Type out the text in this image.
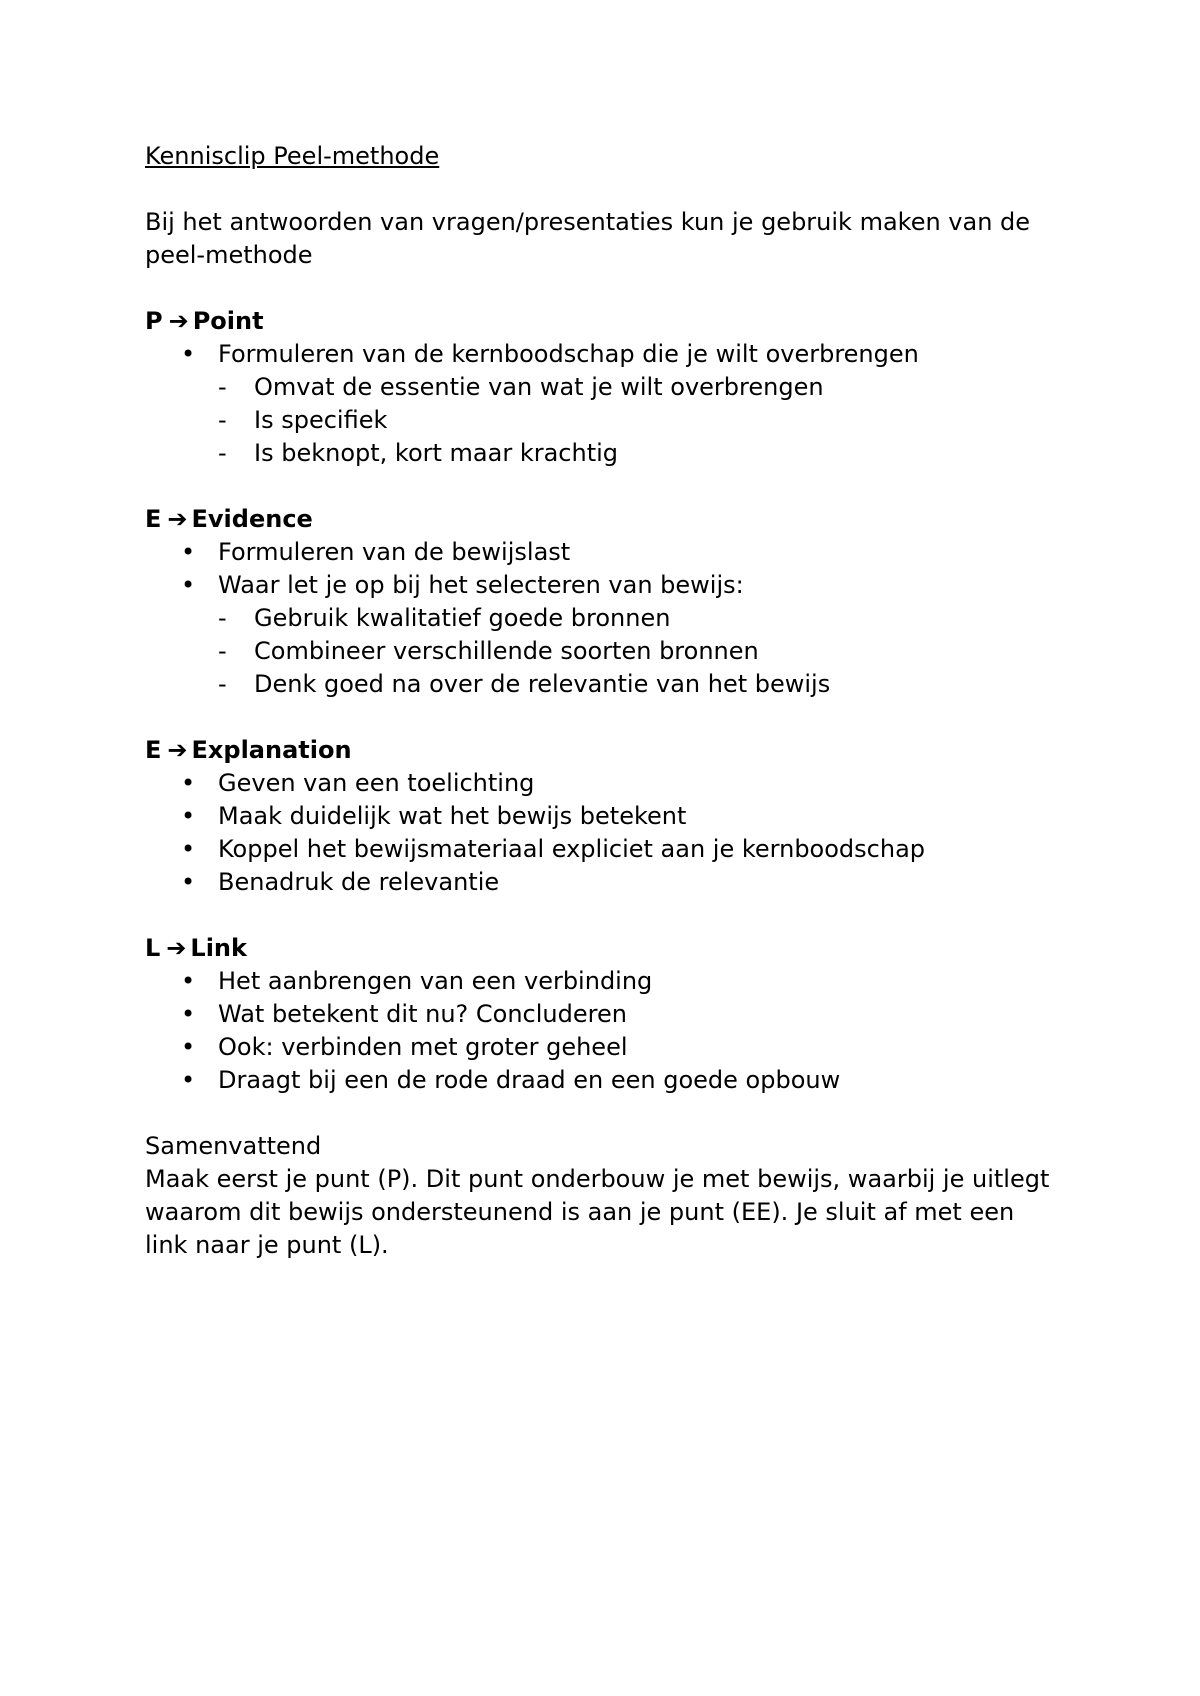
Kennisclip Peel-methode

Bij het antwoorden van vragen/presentaties kun je gebruik maken van de

peel-methode

P ➔ Point

• Formuleren van de kernboodschap die je wilt overbrengen

- Omvat de essentie van wat je wilt overbrengen

- Is specifiek

- Is beknopt, kort maar krachtig

E ➔ Evidence

• Formuleren van de bewijslast

• Waar let je op bij het selecteren van bewijs:

- Gebruik kwalitatief goede bronnen

- Combineer verschillende soorten bronnen

- Denk goed na over de relevantie van het bewijs

E ➔ Explanation

• Geven van een toelichting

• Maak duidelijk wat het bewijs betekent

• Koppel het bewijsmateriaal expliciet aan je kernboodschap

• Benadruk de relevantie

L ➔ Link

• Het aanbrengen van een verbinding

• Wat betekent dit nu? Concluderen

• Ook: verbinden met groter geheel

• Draagt bij een de rode draad en een goede opbouw

Samenvattend

Maak eerst je punt (P). Dit punt onderbouw je met bewijs, waarbij je uitlegt

waarom dit bewijs ondersteunend is aan je punt (EE). Je sluit af met een

link naar je punt (L).
